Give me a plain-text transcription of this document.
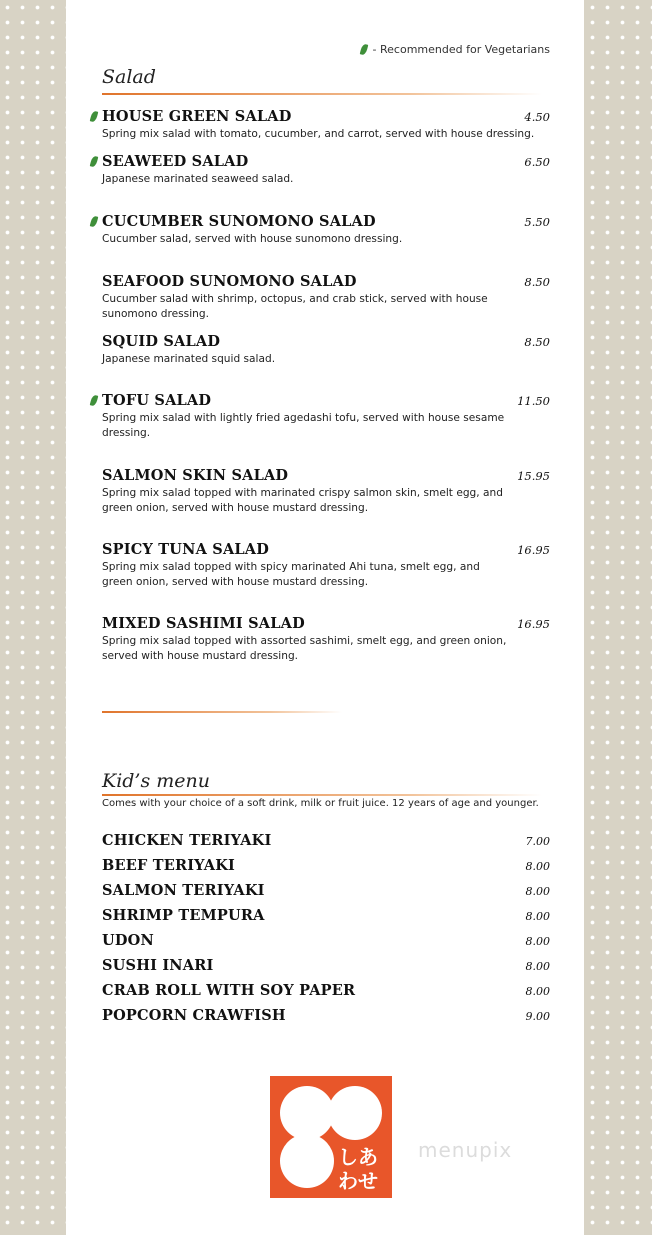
- Recommended for Vegetarians
Salad
HOUSE GREEN SALAD
Spring mix salad with tomato, cucumber, and carrot, served with house dressing.
4.50
SEAWEED SALAD
Japanese marinated seaweed salad.
6.50
CUCUMBER SUNOMONO SALAD
Cucumber salad, served with house sunomono dressing.
5.50
SEAFOOD SUNOMONO SALAD
Cucumber salad with shrimp, octopus, and crab stick, served with house sunomono dressing.
8.50
SQUID SALAD
Japanese marinated squid salad.
8.50
TOFU SALAD
Spring mix salad with lightly fried agedashi tofu, served with house sesame dressing.
11.50
SALMON SKIN SALAD
Spring mix salad topped with marinated crispy salmon skin, smelt egg, and green onion, served with house mustard dressing.
15.95
SPICY TUNA SALAD
Spring mix salad topped with spicy marinated Ahi tuna, smelt egg, and green onion, served with house mustard dressing.
16.95
MIXED SASHIMI SALAD
Spring mix salad topped with assorted sashimi, smelt egg, and green onion, served with house mustard dressing.
16.95
Kid’s menu
Comes with your choice of a soft drink, milk or fruit juice. 12 years of age and younger.
CHICKEN TERIYAKI	7.00
BEEF TERIYAKI	8.00
SALMON TERIYAKI	8.00
SHRIMP TEMPURA	8.00
UDON	8.00
SUSHI INARI	8.00
CRAB ROLL WITH SOY PAPER	8.00
POPCORN CRAWFISH	9.00
しあ
わせ
menupix
